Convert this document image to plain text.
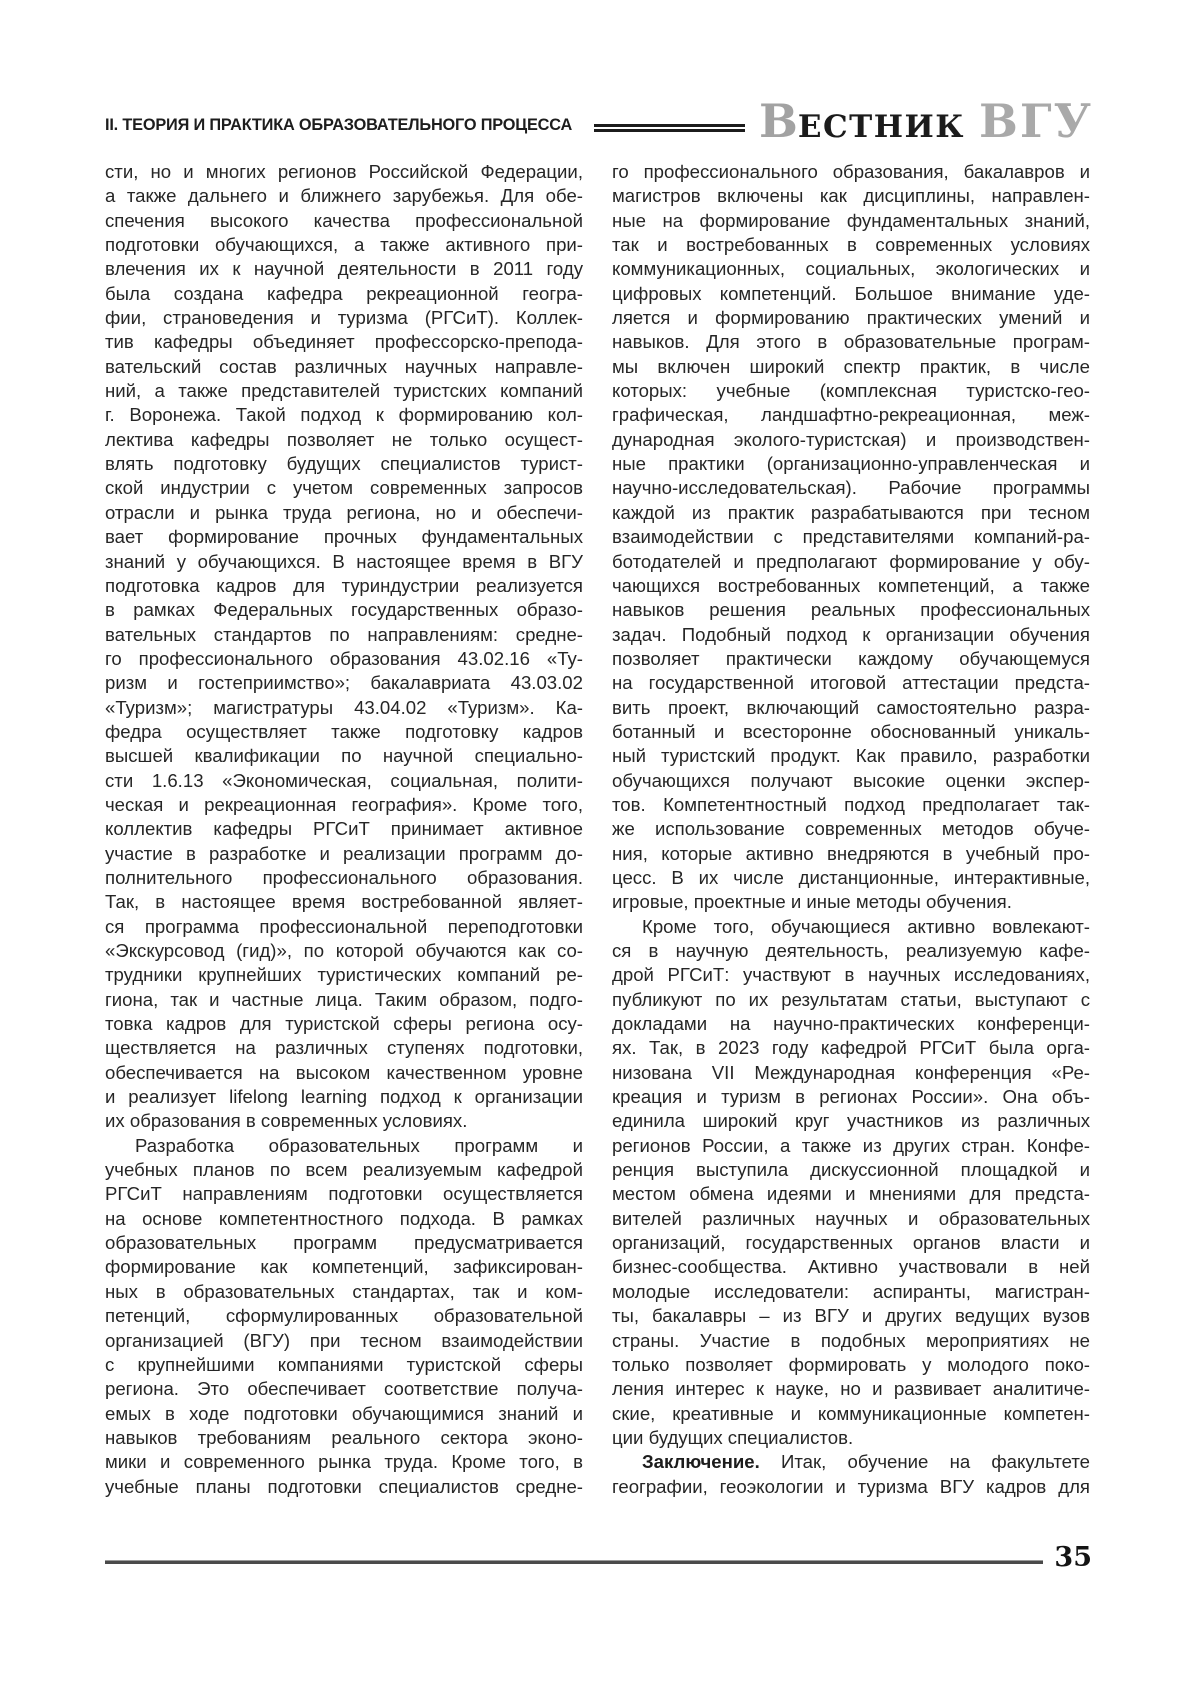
II. ТЕОРИЯ И ПРАКТИКА ОБРАЗОВАТЕЛЬНОГО ПРОЦЕССА	ВЕСТНИК ВГУ
сти, но и многих регионов Российской Федерации,
а также дальнего и ближнего зарубежья. Для обе-
спечения высокого качества профессиональной
подготовки обучающихся, а также активного при-
влечения их к научной деятельности в 2011 году
была создана кафедра рекреационной геогра-
фии, страноведения и туризма (РГСиТ). Коллек-
тив кафедры объединяет профессорско-препода-
вательский состав различных научных направле-
ний, а также представителей туристских компаний
г. Воронежа. Такой подход к формированию кол-
лектива кафедры позволяет не только осущест-
влять подготовку будущих специалистов турист-
ской индустрии с учетом современных запросов
отрасли и рынка труда региона, но и обеспечи-
вает формирование прочных фундаментальных
знаний у обучающихся. В настоящее время в ВГУ
подготовка кадров для туриндустрии реализуется
в рамках Федеральных государственных образо-
вательных стандартов по направлениям: средне-
го профессионального образования 43.02.16 «Ту-
ризм и гостеприимство»; бакалавриата 43.03.02
«Туризм»; магистратуры 43.04.02 «Туризм». Ка-
федра осуществляет также подготовку кадров
высшей квалификации по научной специально-
сти 1.6.13 «Экономическая, социальная, полити-
ческая и рекреационная география». Кроме того,
коллектив кафедры РГСиТ принимает активное
участие в разработке и реализации программ до-
полнительного профессионального образования.
Так, в настоящее время востребованной являет-
ся программа профессиональной переподготовки
«Экскурсовод (гид)», по которой обучаются как со-
трудники крупнейших туристических компаний ре-
гиона, так и частные лица. Таким образом, подго-
товка кадров для туристской сферы региона осу-
ществляется на различных ступенях подготовки,
обеспечивается на высоком качественном уровне
и реализует lifelong learning подход к организации
их образования в современных условиях.
Разработка образовательных программ и
учебных планов по всем реализуемым кафедрой
РГСиТ направлениям подготовки осуществляется
на основе компетентностного подхода. В рамках
образовательных программ предусматривается
формирование как компетенций, зафиксирован-
ных в образовательных стандартах, так и ком-
петенций, сформулированных образовательной
организацией (ВГУ) при тесном взаимодействии
с крупнейшими компаниями туристской сферы
региона. Это обеспечивает соответствие получа-
емых в ходе подготовки обучающимися знаний и
навыков требованиям реального сектора эконо-
мики и современного рынка труда. Кроме того, в
учебные планы подготовки специалистов средне-
го профессионального образования, бакалавров и
магистров включены как дисциплины, направлен-
ные на формирование фундаментальных знаний,
так и востребованных в современных условиях
коммуникационных, социальных, экологических и
цифровых компетенций. Большое внимание уде-
ляется и формированию практических умений и
навыков. Для этого в образовательные програм-
мы включен широкий спектр практик, в числе
которых: учебные (комплексная туристско-гео-
графическая, ландшафтно-рекреационная, меж-
дународная эколого-туристская) и производствен-
ные практики (организационно-управленческая и
научно-исследовательская). Рабочие программы
каждой из практик разрабатываются при тесном
взаимодействии с представителями компаний-ра-
ботодателей и предполагают формирование у обу-
чающихся востребованных компетенций, а также
навыков решения реальных профессиональных
задач. Подобный подход к организации обучения
позволяет практически каждому обучающемуся
на государственной итоговой аттестации предста-
вить проект, включающий самостоятельно разра-
ботанный и всесторонне обоснованный уникаль-
ный туристский продукт. Как правило, разработки
обучающихся получают высокие оценки экспер-
тов. Компетентностный подход предполагает так-
же использование современных методов обуче-
ния, которые активно внедряются в учебный про-
цесс. В их числе дистанционные, интерактивные,
игровые, проектные и иные методы обучения.
Кроме того, обучающиеся активно вовлекают-
ся в научную деятельность, реализуемую кафе-
дрой РГСиТ: участвуют в научных исследованиях,
публикуют по их результатам статьи, выступают с
докладами на научно-практических конференци-
ях. Так, в 2023 году кафедрой РГСиТ была орга-
низована VII Международная конференция «Ре-
креация и туризм в регионах России». Она объ-
единила широкий круг участников из различных
регионов России, а также из других стран. Конфе-
ренция выступила дискуссионной площадкой и
местом обмена идеями и мнениями для предста-
вителей различных научных и образовательных
организаций, государственных органов власти и
бизнес-сообщества. Активно участвовали в ней
молодые исследователи: аспиранты, магистран-
ты, бакалавры – из ВГУ и других ведущих вузов
страны. Участие в подобных мероприятиях не
только позволяет формировать у молодого поко-
ления интерес к науке, но и развивает аналитиче-
ские, креативные и коммуникационные компетен-
ции будущих специалистов.
Заключение. Итак, обучение на факультете
географии, геоэкологии и туризма ВГУ кадров для
35
